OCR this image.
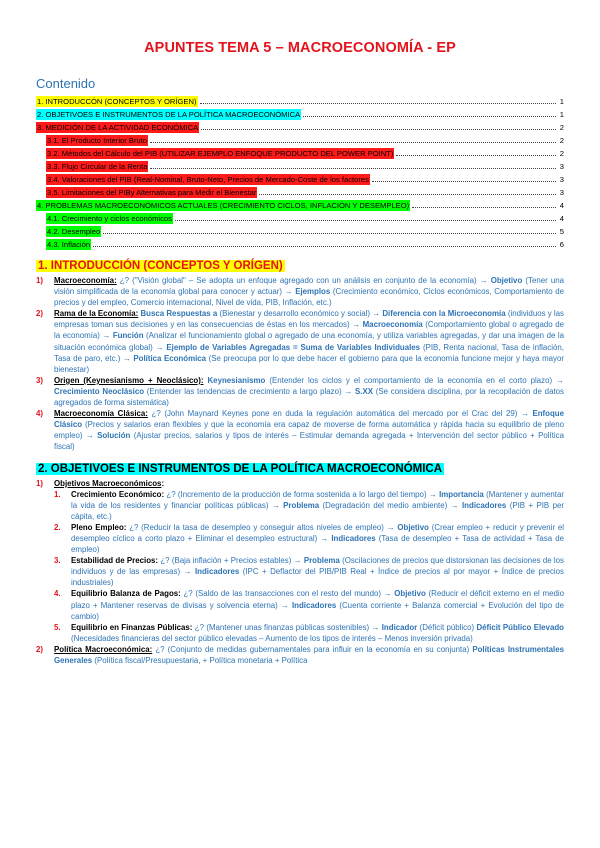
APUNTES TEMA 5 – MACROECONOMÍA - EP
Contenido
1. INTRODUCCÓN (CONCEPTOS Y ORÍGEN)	1
2. OBJETIVOES E INSTRUMENTOS DE LA POLÍTICA MACROECONÓMICA	1
3. MEDICIÓN DE LA ACTIVIDAD ECONÓMICA	2
3.1. El Producto Interior Bruto	2
3.2. Métodos del Cálculo del PIB (UTILIZAR EJEMPLO ENFOQUE PRODUCTO DEL POWER POINT)	2
3.3. Flujo Circular de la Renta	3
3.4. Valoraciones del PIB (Real-Nominal, Bruto-Neto, Precios de Mercado-Coste de los factores	3
3.5. Limitaciones del PIBy Alternativas para Medir el Bienestar	3
4. PROBLEMAS MACROECONÓMICOS ACTUALES (CRECIMIENTO CICLOS, INFLACIÓN Y DESEMPLEO)	4
4.1. Crecimiento y ciclos económicos	4
4.2. Desempleo	5
4.3. Inflación	6
1. INTRODUCCIÓN (CONCEPTOS Y ORÍGEN)
1)	Macroeconomía: ¿? ("Visión global" – Se adopta un enfoque agregado con un análisis en conjunto de la economía) → Objetivo (Tener una visión simplificada de la economía global para conocer y actuar) → Ejemplos (Crecimiento económico, Ciclos económicos, Comportamiento de precios y del empleo, Comercio internacional, Nivel de vida, PIB, Inflación, etc.)
2)	Rama de la Economía: Busca Respuestas a (Bienestar y desarrollo económico y social) → Diferencia con la Microeconomía (individuos y las empresas toman sus decisiones y en las consecuencias de éstas en los mercados) → Macroeconomía (Comportamiento global o agregado de la economía) → Función (Analizar el funcionamiento global o agregado de una economía, y utiliza variables agregadas, y dar una imagen de la situación económica global) → Ejemplo de Variables Agregadas = Suma de Variables Individuales (PIB, Renta nacional, Tasa de inflación, Tasa de paro, etc.) → Política Económica (Se preocupa por lo que debe hacer el gobierno para que la economía funcione mejor y haya mayor bienestar)
3)	Origen (Keynesianismo + Neoclásico): Keynesianismo (Entender los ciclos y el comportamiento de la economía en el corto plazo) → Crecimiento Neoclásico (Entender las tendencias de crecimiento a largo plazo) → S.XX (Se considera disciplina, por la recopilación de datos agregados de forma sistemática)
4)	Macroeconomía Clásica: ¿? (John Maynard Keynes pone en duda la regulación automática del mercado por el Crac del 29) → Enfoque Clásico (Precios y salarios eran flexibles y que la economía era capaz de moverse de forma automática y rápida hacia su equilibrio de pleno empleo) → Solución (Ajustar precios, salarios y tipos de interés – Estimular demanda agregada + Intervención del sector público + Política fiscal)
2. OBJETIVOES E INSTRUMENTOS DE LA POLÍTICA MACROECONÓMICA
1)	Objetivos Macroeconómicos:
1.	Crecimiento Económico: ¿? (Incremento de la producción de forma sostenida a lo largo del tiempo) → Importancia (Mantener y aumentar la vida de los residentes y financiar políticas públicas) → Problema (Degradación del medio ambiente) → Indicadores (PIB + PIB per cápita, etc.)
2.	Pleno Empleo: ¿? (Reducir la tasa de desempleo y conseguir altos niveles de empleo) → Objetivo (Crear empleo + reducir y prevenir el desempleo cíclico a corto plazo + Eliminar el desempleo estructural) → Indicadores (Tasa de desempleo + Tasa de actividad + Tasa de empleo)
3.	Estabilidad de Precios: ¿? (Baja inflación + Precios estables) → Problema (Oscilaciones de precios que distorsionan las decisiones de los individuos y de las empresas) → Indicadores (IPC + Deflactor del PIB/PIB Real + Índice de precios al por mayor + Índice de precios industriales)
4.	Equilibrio Balanza de Pagos: ¿? (Saldo de las transacciones con el resto del mundo) → Objetivo (Reducir el déficit externo en el medio plazo + Mantener reservas de divisas y solvencia eterna) → Indicadores (Cuenta corriente + Balanza comercial + Evolución del tipo de cambio)
5.	Equilibrio en Finanzas Públicas: ¿? (Mantener unas finanzas públicas sostenibles) → Indicador (Déficit público) Déficit Público Elevado (Necesidades financieras del sector público elevadas – Aumento de los tipos de interés – Menos inversión privada)
2)	Política Macroeconómica: ¿? (Conjunto de medidas gubernamentales para influir en la economía en su conjunta) Políticas Instrumentales Generales (Política fiscal/Presupuestaria, + Política monetaria + Política
